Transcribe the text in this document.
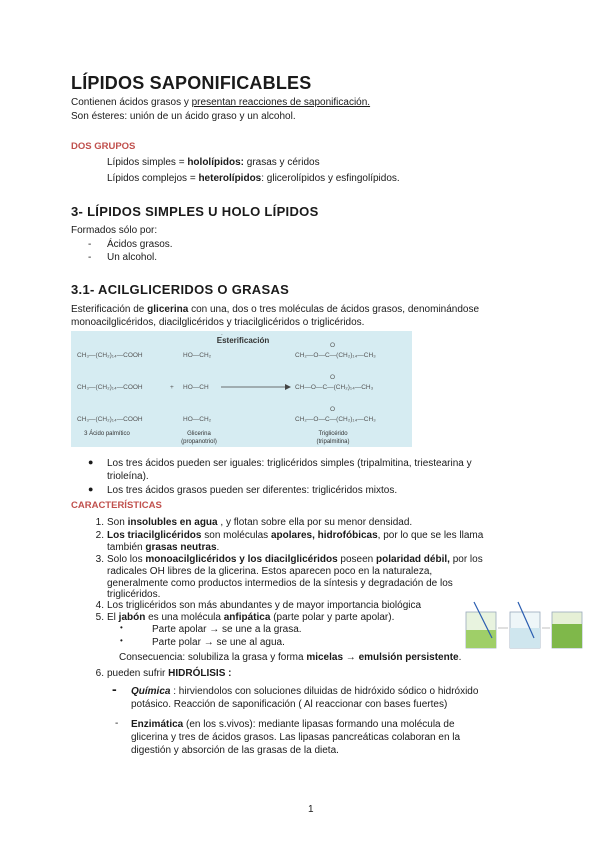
LÍPIDOS SAPONIFICABLES
Contienen ácidos grasos y presentan reacciones de saponificación.
Son ésteres: unión de un ácido graso y un alcohol.
DOS GRUPOS
Lípidos simples = hololípidos: grasas y céridos
Lípidos complejos = heterolípidos: glicerolípidos y esfingolípidos.
3- LÍPIDOS SIMPLES U HOLO LÍPIDOS
Formados sólo por:
- Ácidos grasos.
- Un alcohol.
3.1- ACILGLICERIDOS O GRASAS
Esterificación de glicerina con una, dos o tres moléculas de ácidos grasos, denominándose
monoacilglicéridos, diacilglicéridos y triacilglicéridos o triglicéridos.
Esterificación
CH₃—(CH₂)₁₄—COOH
CH₃—(CH₂)₁₄—COOH
CH₃—(CH₂)₁₄—COOH
+
HO—CH₂
HO—CH
HO—CH₂
.
CH₂—O—C—(CH₂)₁₄—CH₃
CH—O—C—(CH₂)₁₄—CH₃
CH₂—O—C—(CH₂)₁₄—CH₃
O
O
O
3 Ácido palmítico	Glicerina
(propanotriol)
Triglicérido
(tripalmitina)
● Los tres ácidos pueden ser iguales: triglicéridos simples (tripalmitina, triestearina y
trioleína).
● Los tres ácidos grasos pueden ser diferentes: triglicéridos mixtos.
CARACTERÍSTICAS
1. Son insolubles en agua , y flotan sobre ella por su menor densidad.
2. Los triacilglicéridos son moléculas apolares, hidrofóbicas, por lo que se les llama
también grasas neutras.
3. Solo los monoacilglicéridos y los diacilglicéridos poseen polaridad débil, por los
radicales OH libres de la glicerina. Estos aparecen poco en la naturaleza,
generalmente como productos intermedios de la síntesis y degradación de los
triglicéridos.
4. Los triglicéridos son más abundantes y de mayor importancia biológica
5. El jabón es una molécula anfipática (parte polar y parte apolar).
•	Parte apolar → se une a la grasa.
•	Parte polar → se une al agua.
Consecuencia: solubiliza la grasa y forma micelas → emulsión persistente.
6. pueden sufrir HIDRÓLISIS :
- Química : hirviendolos con soluciones diluidas de hidróxido sódico o hidróxido
potásico. Reacción de saponificación ( Al reaccionar con bases fuertes)
- Enzimática (en los s.vivos): mediante lipasas formando una molécula de
glicerina y tres de ácidos grasos. Las lipasas pancreáticas colaboran en la
digestión y absorción de las grasas de la dieta.
1
